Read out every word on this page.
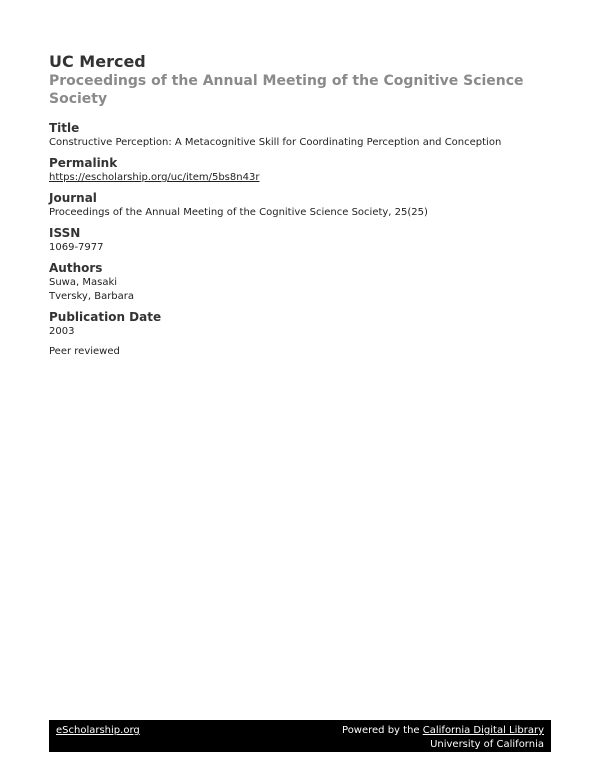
UC Merced

Proceedings of the Annual Meeting of the Cognitive Science Society

Title

Constructive Perception: A Metacognitive Skill for Coordinating Perception and Conception

Permalink

https://escholarship.org/uc/item/5bs8n43r

Journal

Proceedings of the Annual Meeting of the Cognitive Science Society, 25(25)

ISSN

1069-7977

Authors

Suwa, Masaki

Tversky, Barbara

Publication Date

2003

Peer reviewed
eScholarship.org	Powered by the California Digital Library
University of California
